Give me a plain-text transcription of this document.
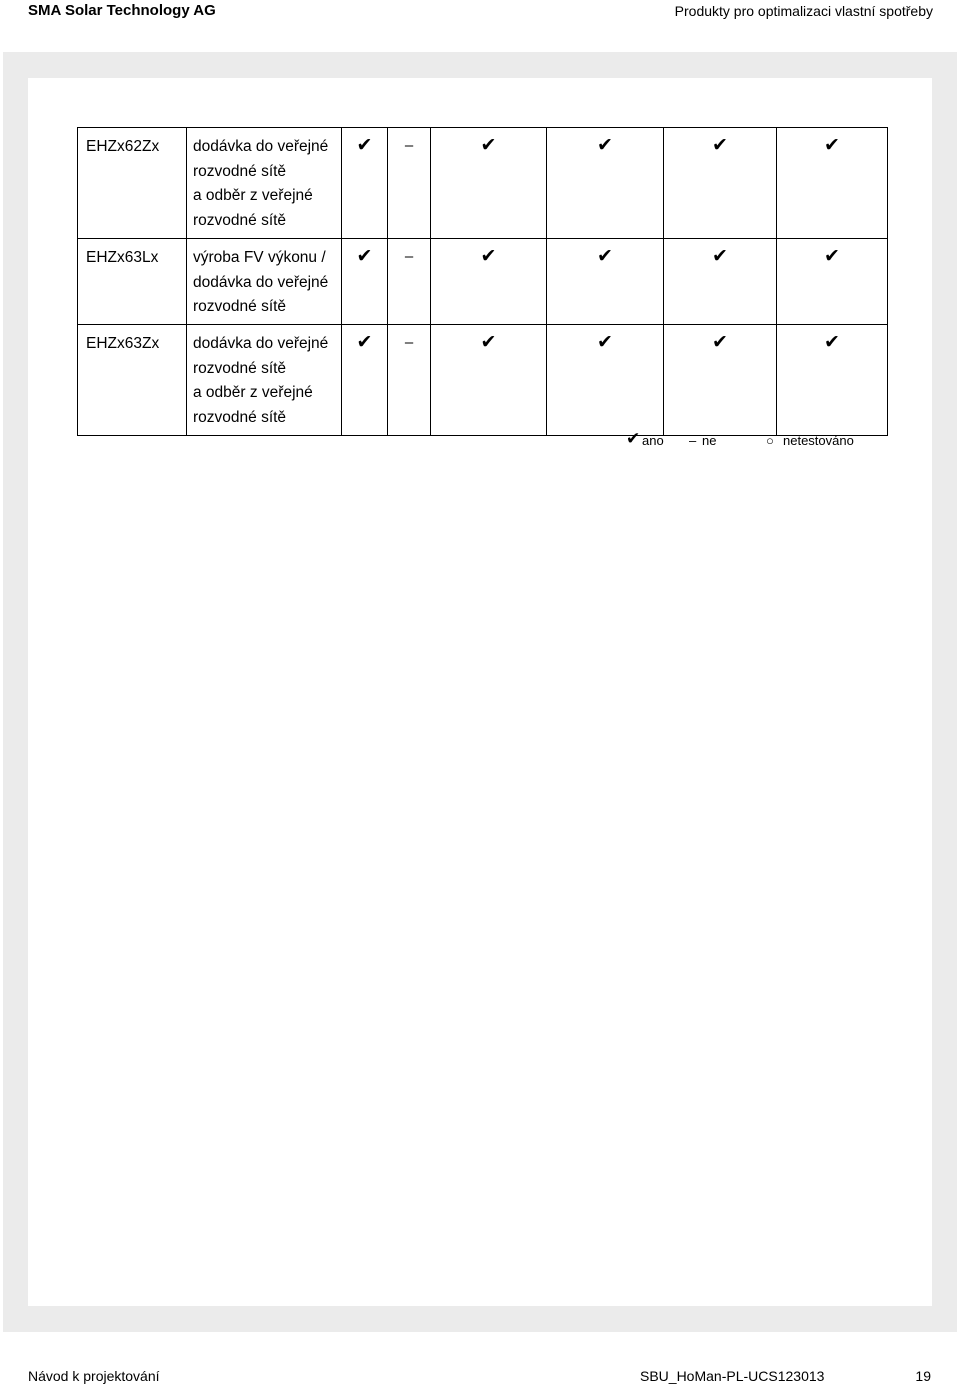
SMA Solar Technology AG	Produkty pro optimalizaci vlastní spotřeby
EHZx62Zx	dodávka do veřejné
rozvodné sítě
a odběr z veřejné
rozvodné sítě	✔	–	✔	✔	✔	✔
EHZx63Lx	výroba FV výkonu /
dodávka do veřejné
rozvodné sítě	✔	–	✔	✔	✔	✔
EHZx63Zx	dodávka do veřejné
rozvodné sítě
a odběr z veřejné
rozvodné sítě	✔	–	✔	✔	✔	✔
✔ ano – ne	○ netestováno
Návod k projektování	SBU_HoMan-PL-UCS123013	19
